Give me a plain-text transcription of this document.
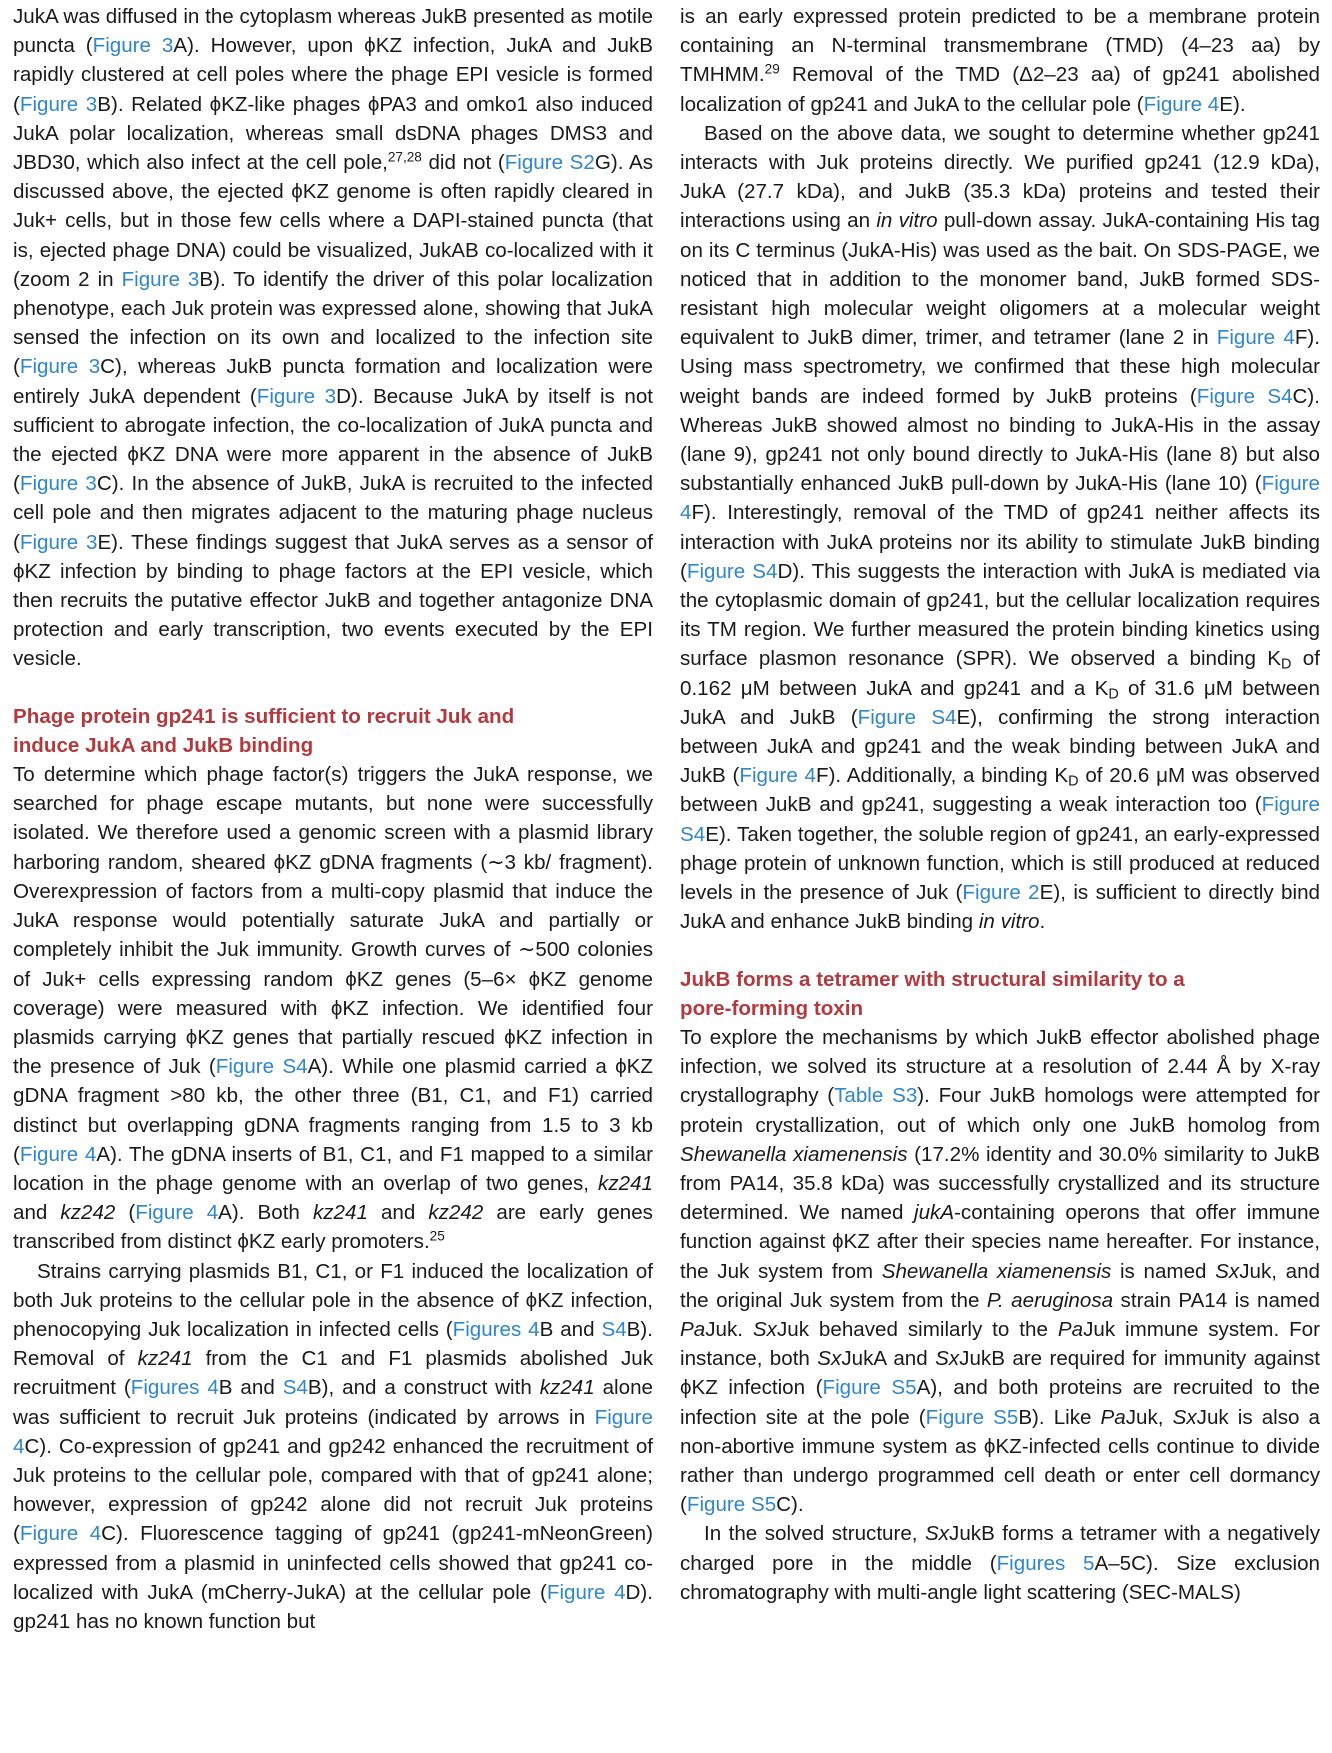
JukA was diffused in the cytoplasm whereas JukB presented as motile puncta (Figure 3A). However, upon ϕKZ infection, JukA and JukB rapidly clustered at cell poles where the phage EPI vesicle is formed (Figure 3B). Related ϕKZ-like phages ϕPA3 and omko1 also induced JukA polar localization, whereas small dsDNA phages DMS3 and JBD30, which also infect at the cell pole,$^{27,28}$ did not (Figure S2G). As discussed above, the ejected ϕKZ genome is often rapidly cleared in Juk+ cells, but in those few cells where a DAPI-stained puncta (that is, ejected phage DNA) could be visualized, JukAB co-localized with it (zoom 2 in Figure 3B). To identify the driver of this polar localization phenotype, each Juk protein was expressed alone, showing that JukA sensed the infection on its own and localized to the infection site (Figure 3C), whereas JukB puncta formation and localization were entirely JukA dependent (Figure 3D). Because JukA by itself is not sufficient to abrogate infection, the co-localization of JukA puncta and the ejected ϕKZ DNA were more apparent in the absence of JukB (Figure 3C). In the absence of JukB, JukA is recruited to the infected cell pole and then migrates adjacent to the maturing phage nucleus (Figure 3E). These findings suggest that JukA serves as a sensor of ϕKZ infection by binding to phage factors at the EPI vesicle, which then recruits the putative effector JukB and together antagonize DNA protection and early transcription, two events executed by the EPI vesicle.

Phage protein gp241 is sufficient to recruit Juk and
induce JukA and JukB binding

To determine which phage factor(s) triggers the JukA response, we searched for phage escape mutants, but none were successfully isolated. We therefore used a genomic screen with a plasmid library harboring random, sheared ϕKZ gDNA fragments (∼3 kb/ fragment). Overexpression of factors from a multi-copy plasmid that induce the JukA response would potentially saturate JukA and partially or completely inhibit the Juk immunity. Growth curves of ∼500 colonies of Juk+ cells expressing random ϕKZ genes (5–6× ϕKZ genome coverage) were measured with ϕKZ infection. We identified four plasmids carrying ϕKZ genes that partially rescued ϕKZ infection in the presence of Juk (Figure S4A). While one plasmid carried a ϕKZ gDNA fragment >80 kb, the other three (B1, C1, and F1) carried distinct but overlapping gDNA fragments ranging from 1.5 to 3 kb (Figure 4A). The gDNA inserts of B1, C1, and F1 mapped to a similar location in the phage genome with an overlap of two genes, kz241 and kz242 (Figure 4A). Both kz241 and kz242 are early genes transcribed from distinct ϕKZ early promoters.$^{25}$

Strains carrying plasmids B1, C1, or F1 induced the localization of both Juk proteins to the cellular pole in the absence of ϕKZ infection, phenocopying Juk localization in infected cells (Figures 4B and S4B). Removal of kz241 from the C1 and F1 plasmids abolished Juk recruitment (Figures 4B and S4B), and a construct with kz241 alone was sufficient to recruit Juk proteins (indicated by arrows in Figure 4C). Co-expression of gp241 and gp242 enhanced the recruitment of Juk proteins to the cellular pole, compared with that of gp241 alone; however, expression of gp242 alone did not recruit Juk proteins (Figure 4C). Fluorescence tagging of gp241 (gp241-mNeonGreen) expressed from a plasmid in uninfected cells showed that gp241 co-localized with JukA (mCherry-JukA) at the cellular pole (Figure 4D). gp241 has no known function but

is an early expressed protein predicted to be a membrane protein containing an N-terminal transmembrane (TMD) (4–23 aa) by TMHMM.$^{29}$ Removal of the TMD (Δ2–23 aa) of gp241 abolished localization of gp241 and JukA to the cellular pole (Figure 4E).

Based on the above data, we sought to determine whether gp241 interacts with Juk proteins directly. We purified gp241 (12.9 kDa), JukA (27.7 kDa), and JukB (35.3 kDa) proteins and tested their interactions using an in vitro pull-down assay. JukA-containing His tag on its C terminus (JukA-His) was used as the bait. On SDS-PAGE, we noticed that in addition to the monomer band, JukB formed SDS-resistant high molecular weight oligomers at a molecular weight equivalent to JukB dimer, trimer, and tetramer (lane 2 in Figure 4F). Using mass spectrometry, we confirmed that these high molecular weight bands are indeed formed by JukB proteins (Figure S4C). Whereas JukB showed almost no binding to JukA-His in the assay (lane 9), gp241 not only bound directly to JukA-His (lane 8) but also substantially enhanced JukB pull-down by JukA-His (lane 10) (Figure 4F). Interestingly, removal of the TMD of gp241 neither affects its interaction with JukA proteins nor its ability to stimulate JukB binding (Figure S4D). This suggests the interaction with JukA is mediated via the cytoplasmic domain of gp241, but the cellular localization requires its TM region. We further measured the protein binding kinetics using surface plasmon resonance (SPR). We observed a binding $K_D$ of 0.162 μM between JukA and gp241 and a $K_D$ of 31.6 μM between JukA and JukB (Figure S4E), confirming the strong interaction between JukA and gp241 and the weak binding between JukA and JukB (Figure 4F). Additionally, a binding $K_D$ of 20.6 μM was observed between JukB and gp241, suggesting a weak interaction too (Figure S4E). Taken together, the soluble region of gp241, an early-expressed phage protein of unknown function, which is still produced at reduced levels in the presence of Juk (Figure 2E), is sufficient to directly bind JukA and enhance JukB binding in vitro.

JukB forms a tetramer with structural similarity to a
pore-forming toxin

To explore the mechanisms by which JukB effector abolished phage infection, we solved its structure at a resolution of 2.44 Å by X-ray crystallography (Table S3). Four JukB homologs were attempted for protein crystallization, out of which only one JukB homolog from Shewanella xiamenensis (17.2% identity and 30.0% similarity to JukB from PA14, 35.8 kDa) was successfully crystallized and its structure determined. We named jukA-containing operons that offer immune function against ϕKZ after their species name hereafter. For instance, the Juk system from Shewanella xiamenensis is named SxJuk, and the original Juk system from the P. aeruginosa strain PA14 is named PaJuk. SxJuk behaved similarly to the PaJuk immune system. For instance, both SxJukA and SxJukB are required for immunity against ϕKZ infection (Figure S5A), and both proteins are recruited to the infection site at the pole (Figure S5B). Like PaJuk, SxJuk is also a non-abortive immune system as ϕKZ-infected cells continue to divide rather than undergo programmed cell death or enter cell dormancy (Figure S5C).

In the solved structure, SxJukB forms a tetramer with a negatively charged pore in the middle (Figures 5A–5C). Size exclusion chromatography with multi-angle light scattering (SEC-MALS)
